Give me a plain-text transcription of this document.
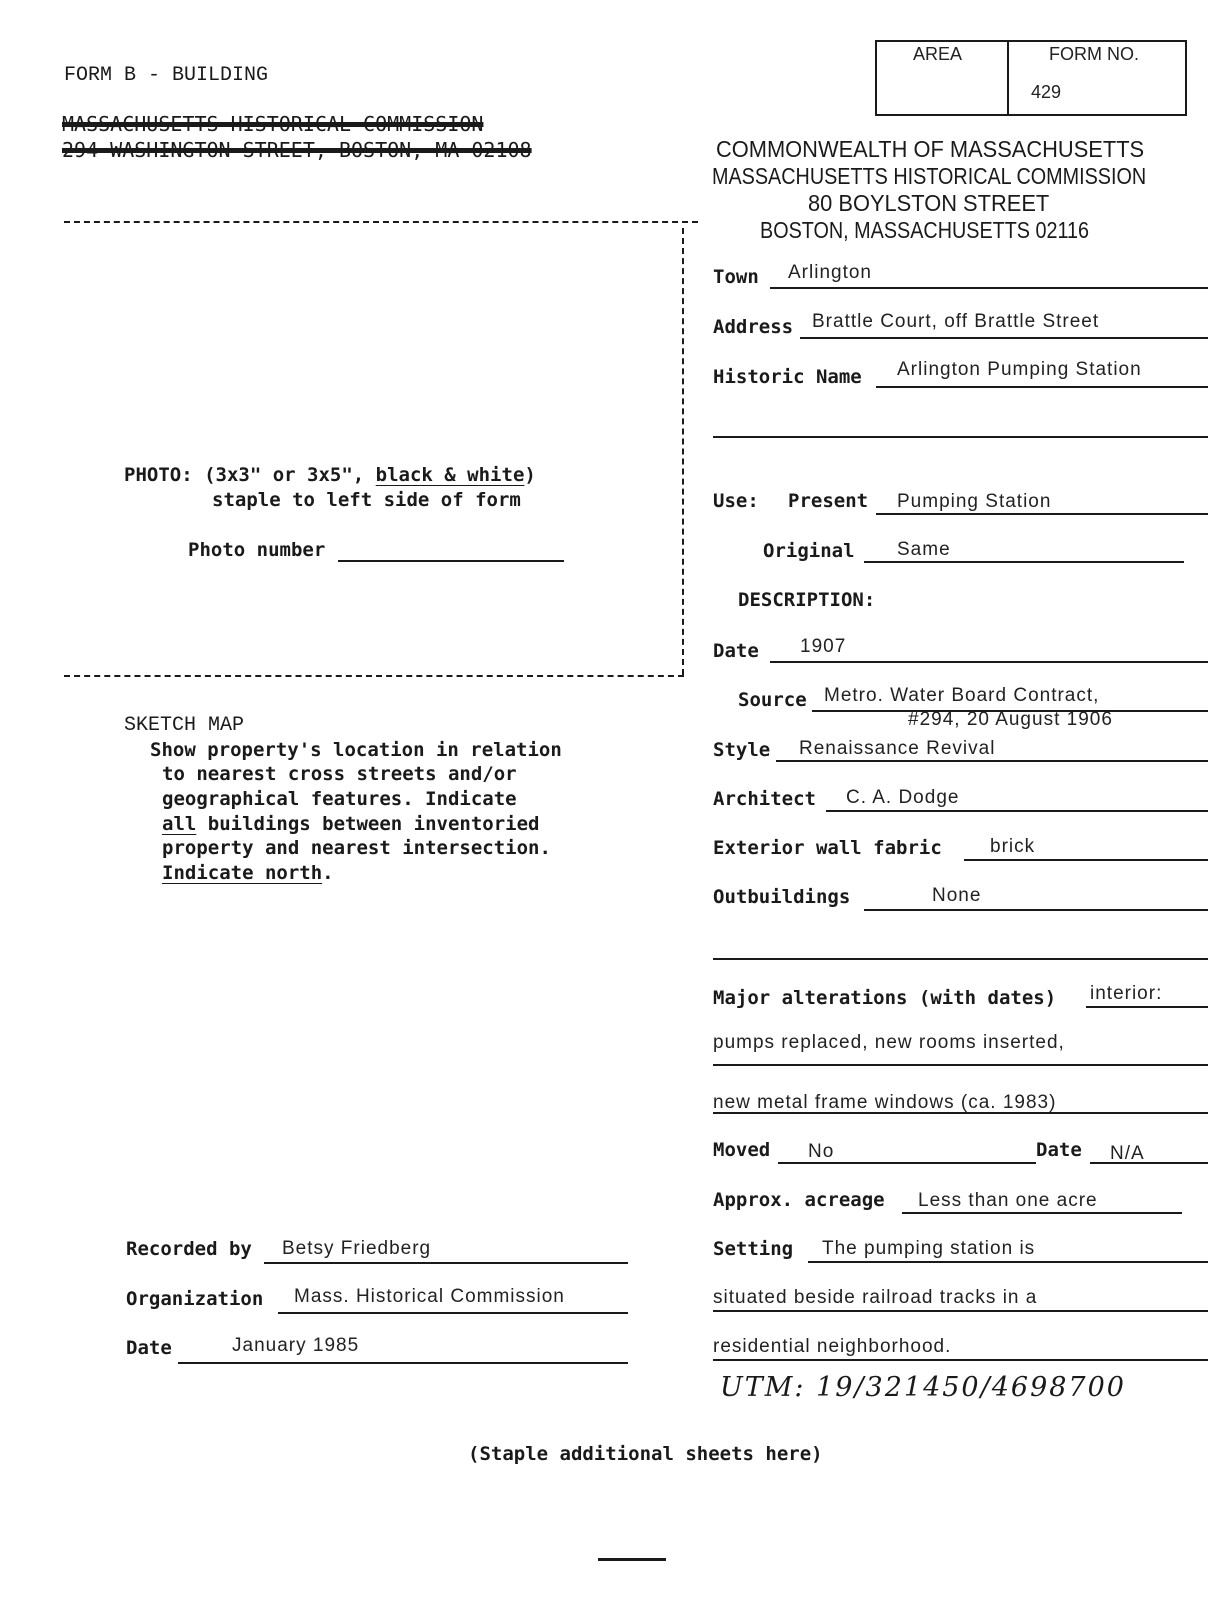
FORM B - BUILDING
MASSACHUSETTS HISTORICAL COMMISSION
294 WASHINGTON STREET, BOSTON, MA 02108
AREA	FORM NO.
429
COMMONWEALTH OF MASSACHUSETTS
MASSACHUSETTS HISTORICAL COMMISSION
80 BOYLSTON STREET
BOSTON, MASSACHUSETTS 02116
PHOTO: (3x3" or 3x5", black & white)
staple to left side of form
Photo number
SKETCH MAP
Show property's location in relation
to nearest cross streets and/or
geographical features. Indicate
all buildings between inventoried
property and nearest intersection.
Indicate north.
Town Arlington
Address Brattle Court, off Brattle Street
Historic Name Arlington Pumping Station
Use: Present Pumping Station
Original Same
DESCRIPTION:
Date 1907
Source Metro. Water Board Contract,
#294, 20 August 1906
Style Renaissance Revival
Architect C. A. Dodge
Exterior wall fabric	brick
Outbuildings	None
Major alterations (with dates) interior:
pumps replaced, new rooms inserted,
new metal frame windows (ca. 1983)
Moved No	Date N/A
Approx. acreage Less than one acre
Setting The pumping station is
situated beside railroad tracks in a
residential neighborhood.
UTM: 19/321450/4698700
Recorded by Betsy Friedberg
Organization Mass. Historical Commission
Date	January 1985
(Staple additional sheets here)
